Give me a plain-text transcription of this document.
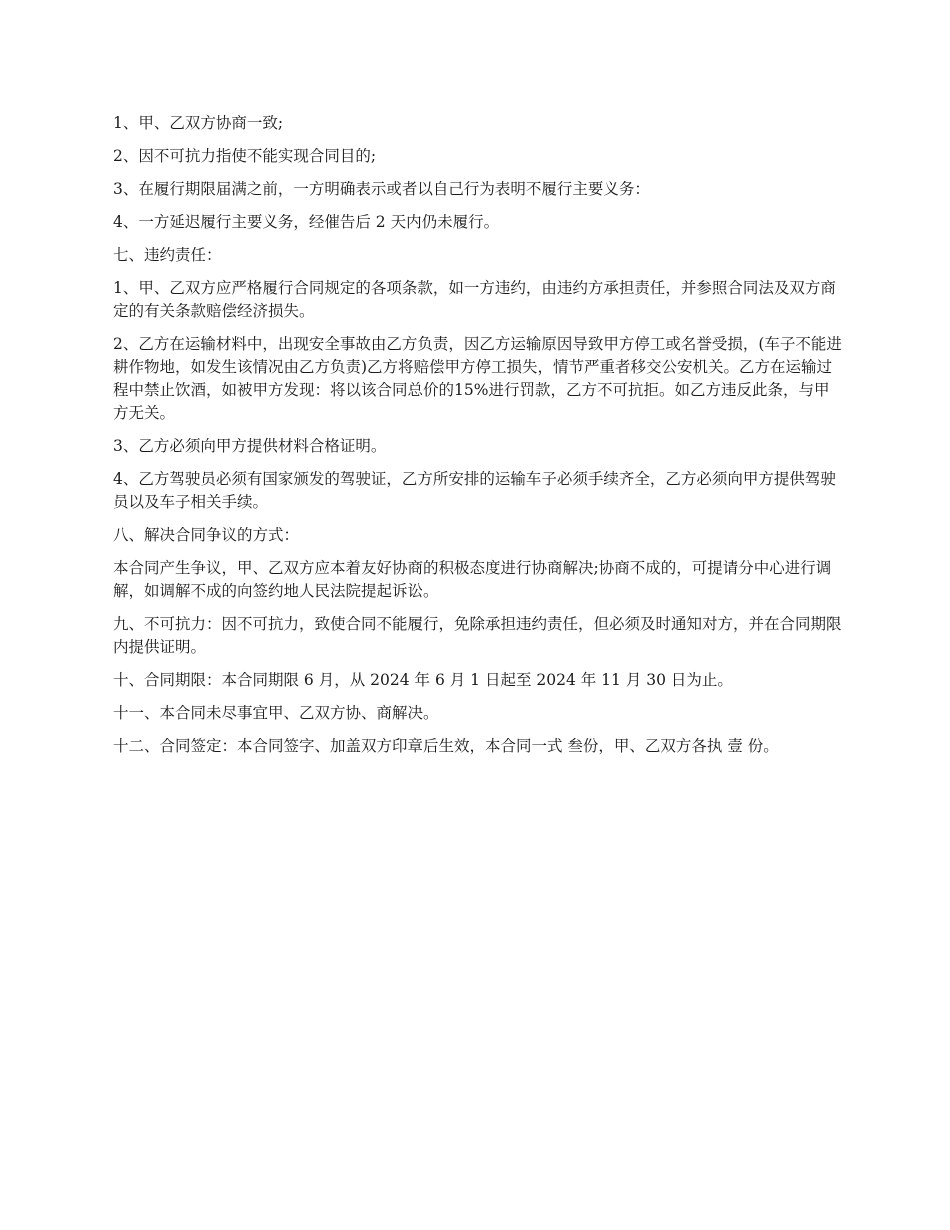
1、甲、乙双方协商一致;

2、因不可抗力指使不能实现合同目的;

3、在履行期限届满之前，一方明确表示或者以自己行为表明不履行主要义务：

4、一方延迟履行主要义务，经催告后 2 天内仍未履行。

七、违约责任：

1、甲、乙双方应严格履行合同规定的各项条款，如一方违约，由违约方承担责任，并参照合同法及双方商定的有关条款赔偿经济损失。

2、乙方在运输材料中，出现安全事故由乙方负责，因乙方运输原因导致甲方停工或名誉受损，(车子不能进耕作物地，如发生该情况由乙方负责)乙方将赔偿甲方停工损失，情节严重者移交公安机关。乙方在运输过程中禁止饮酒，如被甲方发现：将以该合同总价的15%进行罚款，乙方不可抗拒。如乙方违反此条，与甲方无关。

3、乙方必须向甲方提供材料合格证明。

4、乙方驾驶员必须有国家颁发的驾驶证，乙方所安排的运输车子必须手续齐全，乙方必须向甲方提供驾驶员以及车子相关手续。

八、解决合同争议的方式：

本合同产生争议，甲、乙双方应本着友好协商的积极态度进行协商解决;协商不成的，可提请分中心进行调解，如调解不成的向签约地人民法院提起诉讼。

九、不可抗力：因不可抗力，致使合同不能履行，免除承担违约责任，但必须及时通知对方，并在合同期限内提供证明。

十、合同期限：本合同期限 6 月，从 2024 年 6 月 1 日起至 2024 年 11 月 30 日为止。

十一、本合同未尽事宜甲、乙双方协、商解决。

十二、合同签定：本合同签字、加盖双方印章后生效，本合同一式 叁份，甲、乙双方各执 壹 份。
